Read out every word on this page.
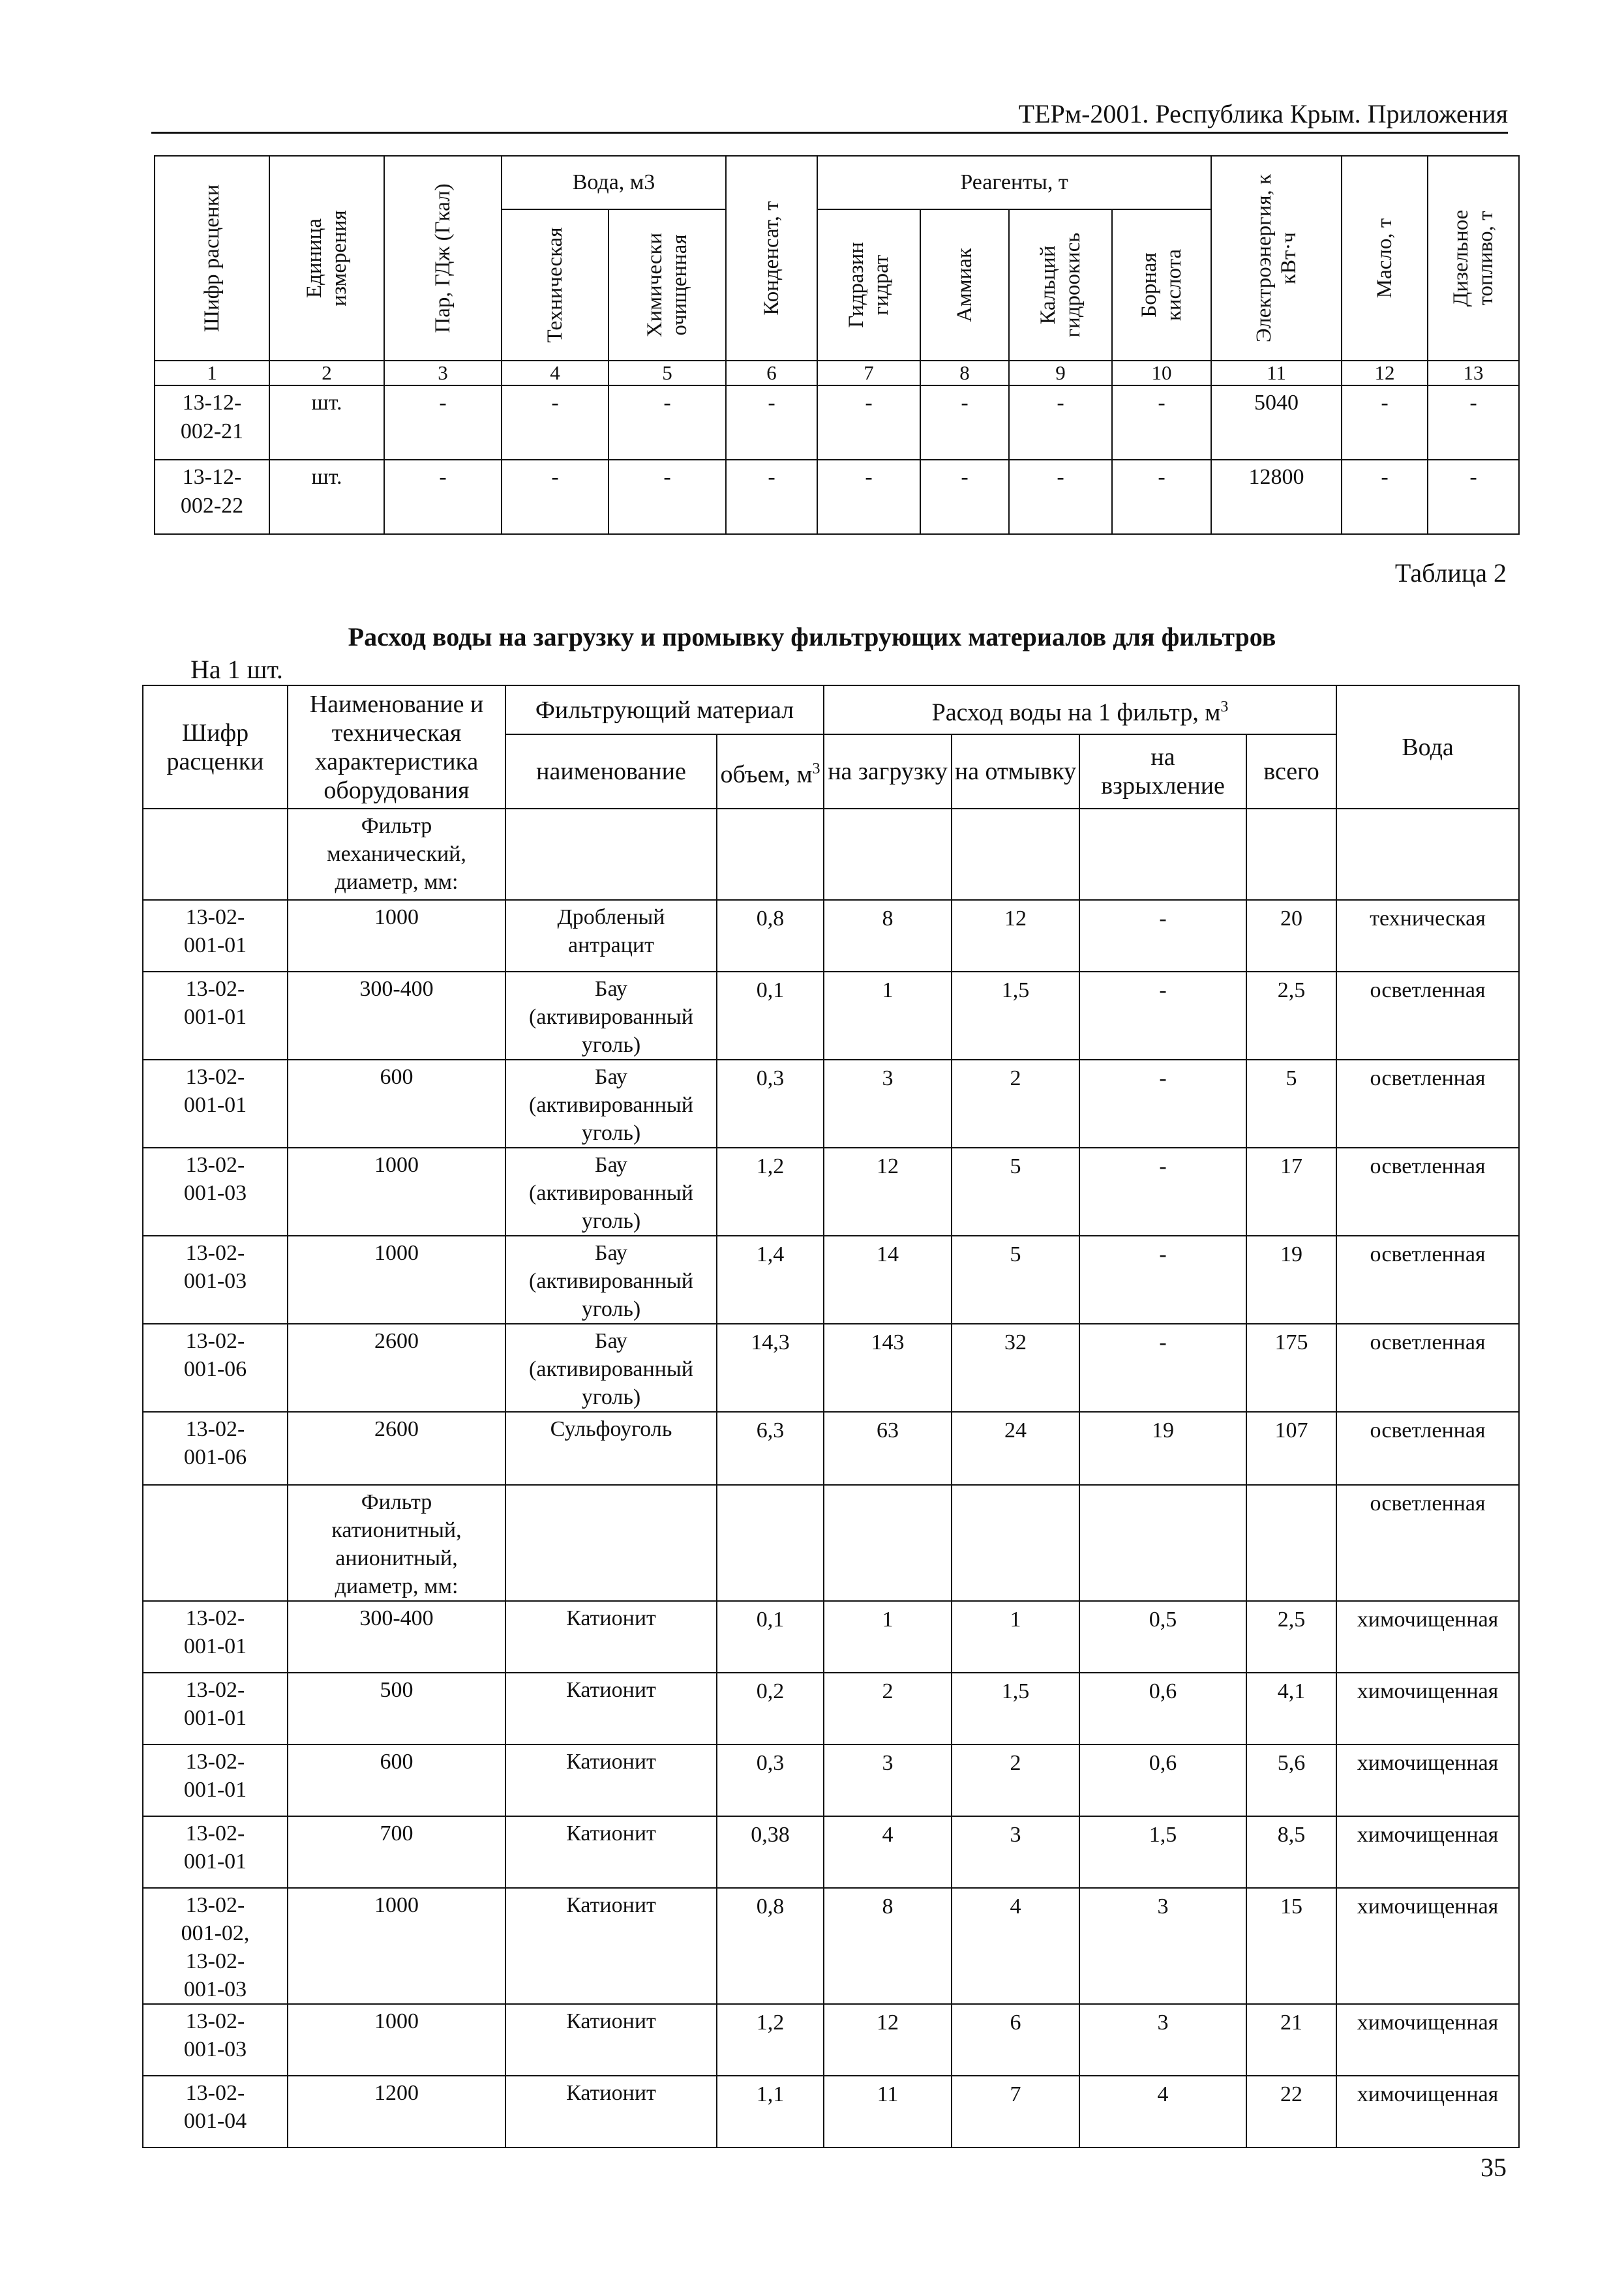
ТЕРм-2001. Республика Крым. Приложения
Шифр расценки	Единица измерения	Пар, ГДж (Гкал)	Вода, м3		Конденсат, т	Реагенты, т				Электроэнергия, к кВт·ч	Масло, т	Дизельное топливо, т

			Техническая	Химически очищенная		Гидразин гидрат	Аммиак	Кальций гидроокись	Борная кислота			

1	2	3	4	5	6	7	8	9	10	11	12	13
13-12-002-21	шт.	-	-	-	-	-	-	-	-	5040	-	-
13-12-002-22	шт.	-	-	-	-	-	-	-	-	12800	-	-
Таблица 2
Расход воды на загрузку и промывку фильтрующих материалов для фильтров
На 1 шт.
Шифр расценки	Наименование и техническая характеристика оборудования	Фильтрующий материал		Расход воды на 1 фильтр, $м^3$				Вода
		наименование	объем, $м^3$	на загрузку	на отмывку	на взрыхление	всего	
	Фильтр механический, диаметр, мм:							
13-02-001-01	1000	Дробленый антрацит	0,8	8	12	-	20	техническая
13-02-001-01	300-400	Бау (активированный уголь)	0,1	1	1,5	-	2,5	осветленная
13-02-001-01	600	Бау (активированный уголь)	0,3	3	2	-	5	осветленная
13-02-001-03	1000	Бау (активированный уголь)	1,2	12	5	-	17	осветленная
13-02-001-03	1000	Бау (активированный уголь)	1,4	14	5	-	19	осветленная
13-02-001-06	2600	Бау (активированный уголь)	14,3	143	32	-	175	осветленная
13-02-001-06	2600	Сульфоуголь	6,3	63	24	19	107	осветленная
	Фильтр катионитный, анионитный, диаметр, мм:							осветленная
13-02-001-01	300-400	Катионит	0,1	1	1	0,5	2,5	химочищенная
13-02-001-01	500	Катионит	0,2	2	1,5	0,6	4,1	химочищенная
13-02-001-01	600	Катионит	0,3	3	2	0,6	5,6	химочищенная
13-02-001-01	700	Катионит	0,38	4	3	1,5	8,5	химочищенная
13-02-001-02, 13-02-001-03	1000	Катионит	0,8	8	4	3	15	химочищенная
13-02-001-03	1000	Катионит	1,2	12	6	3	21	химочищенная
13-02-001-04	1200	Катионит	1,1	11	7	4	22	химочищенная
35
